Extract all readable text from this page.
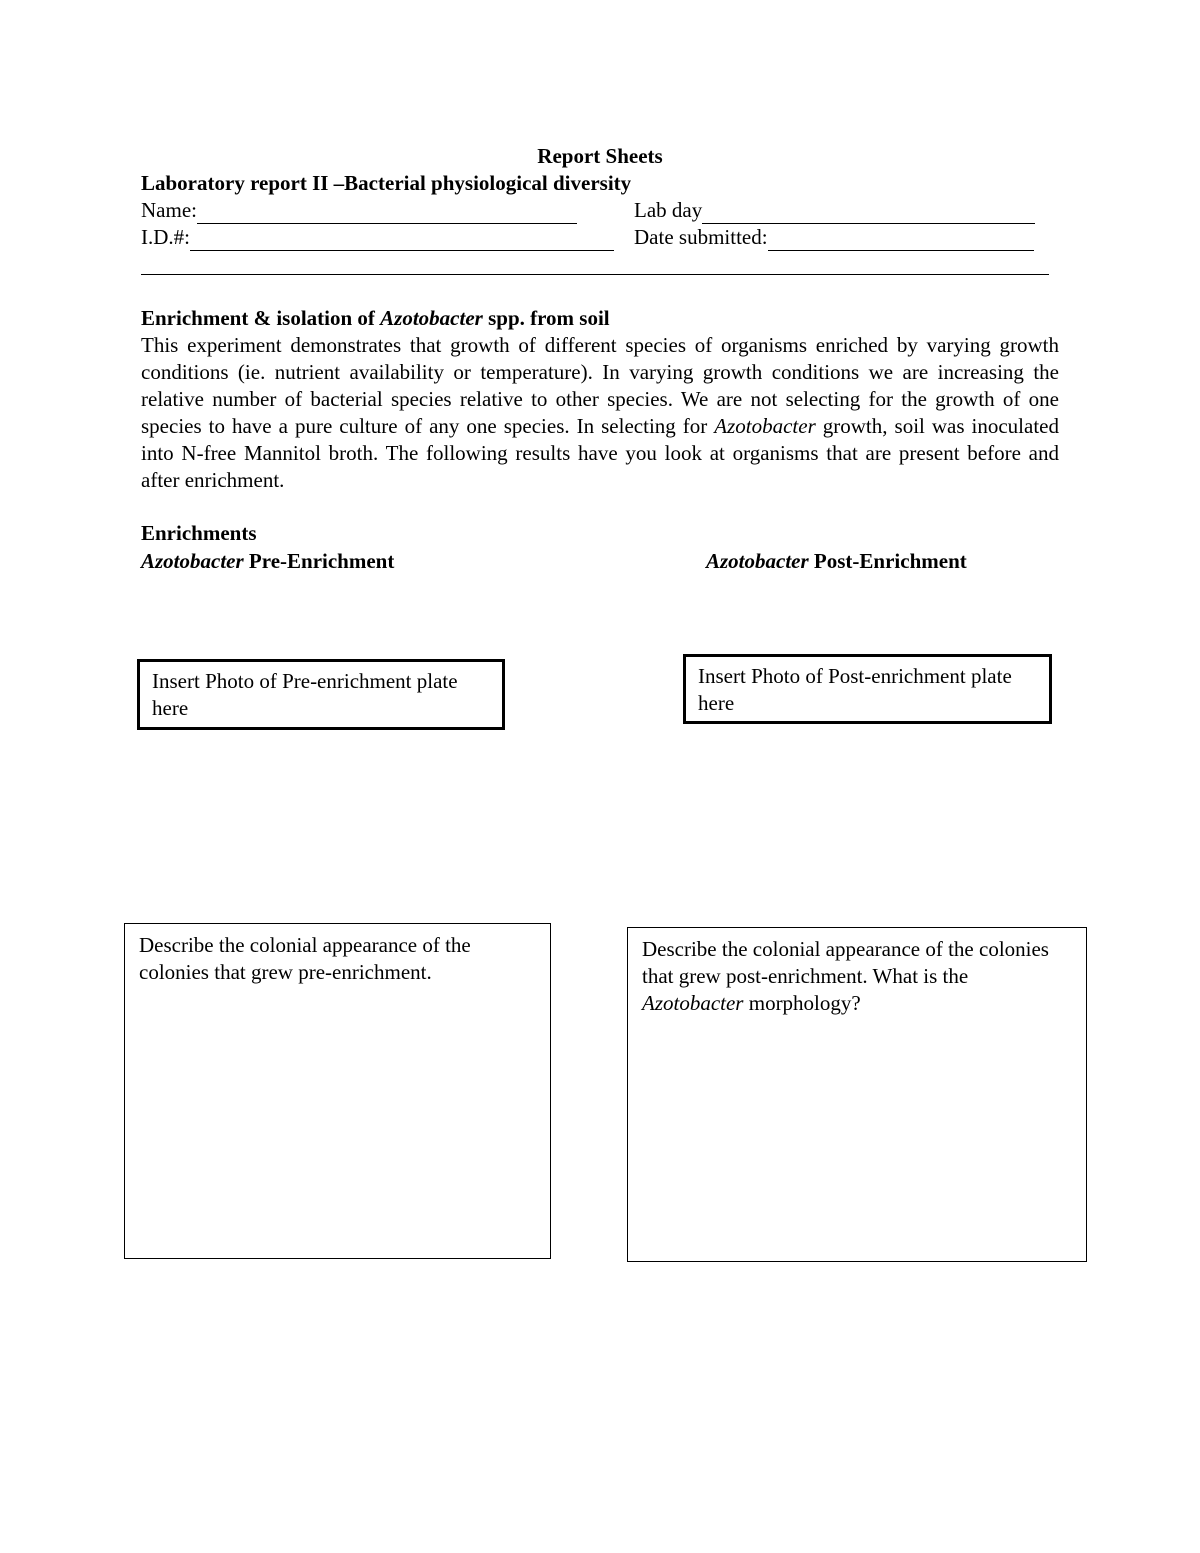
Report Sheets
Laboratory report II –Bacterial physiological diversity
Name:	Lab day
I.D.#:	Date submitted:
Enrichment & isolation of Azotobacter spp. from soil
This experiment demonstrates that growth of different species of organisms enriched by varying growth conditions (ie. nutrient availability or temperature). In varying growth conditions we are increasing the relative number of bacterial species relative to other species. We are not selecting for the growth of one species to have a pure culture of any one species. In selecting for Azotobacter growth, soil was inoculated into N-free Mannitol broth. The following results have you look at organisms that are present before and after enrichment.
Enrichments
Azotobacter Pre-Enrichment	Azotobacter Post-Enrichment
Insert Photo of Pre-enrichment plate here
Insert Photo of Post-enrichment plate here
Describe the colonial appearance of the colonies that grew pre-enrichment.
Describe the colonial appearance of the colonies that grew post-enrichment. What is the Azotobacter morphology?
